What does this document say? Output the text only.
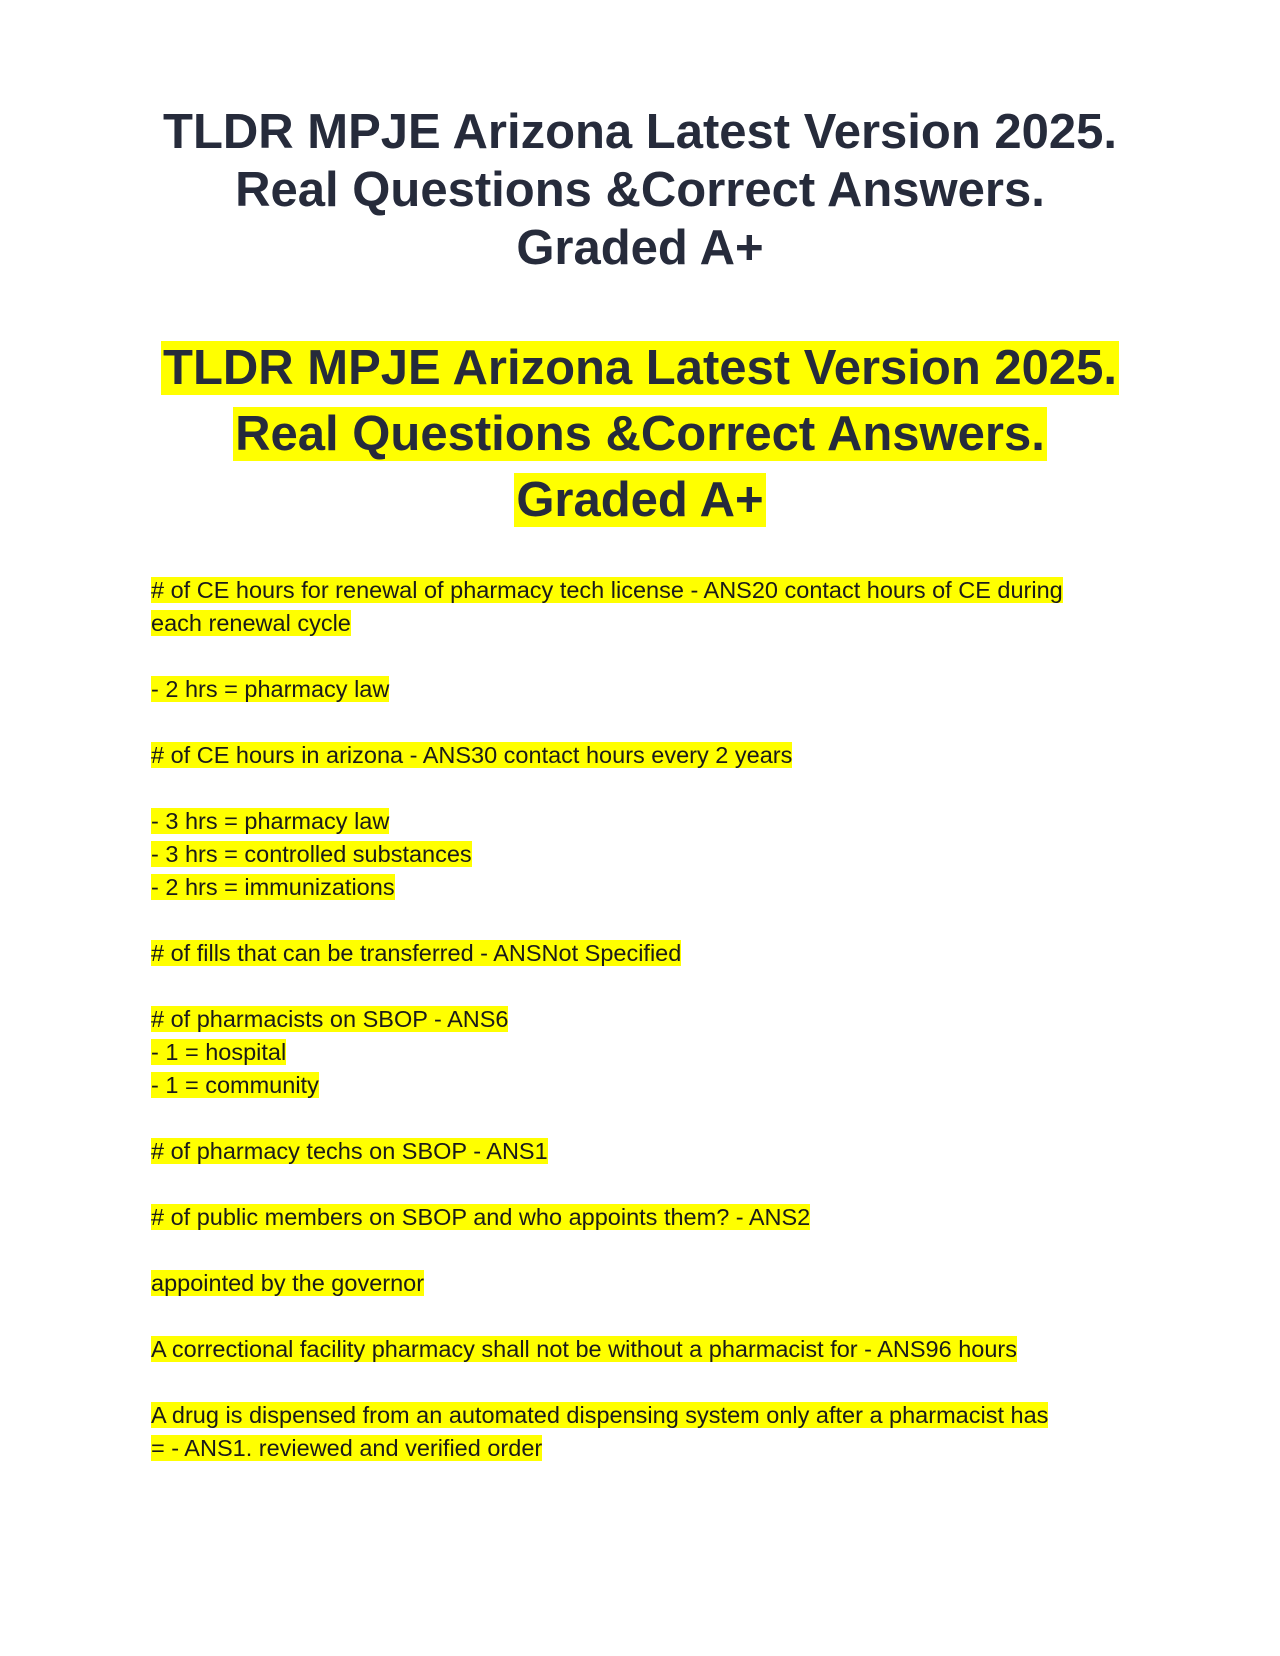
TLDR MPJE Arizona Latest Version 2025.
Real Questions &Correct Answers.
Graded A+
TLDR MPJE Arizona Latest Version 2025.
Real Questions &Correct Answers.
Graded A+

# of CE hours for renewal of pharmacy tech license - ANS20 contact hours of CE during
each renewal cycle

- 2 hrs = pharmacy law

# of CE hours in arizona - ANS30 contact hours every 2 years

- 3 hrs = pharmacy law
- 3 hrs = controlled substances
- 2 hrs = immunizations

# of fills that can be transferred - ANSNot Specified

# of pharmacists on SBOP - ANS6
- 1 = hospital
- 1 = community

# of pharmacy techs on SBOP - ANS1

# of public members on SBOP and who appoints them? - ANS2

appointed by the governor

A correctional facility pharmacy shall not be without a pharmacist for - ANS96 hours

A drug is dispensed from an automated dispensing system only after a pharmacist has
= - ANS1. reviewed and verified order
